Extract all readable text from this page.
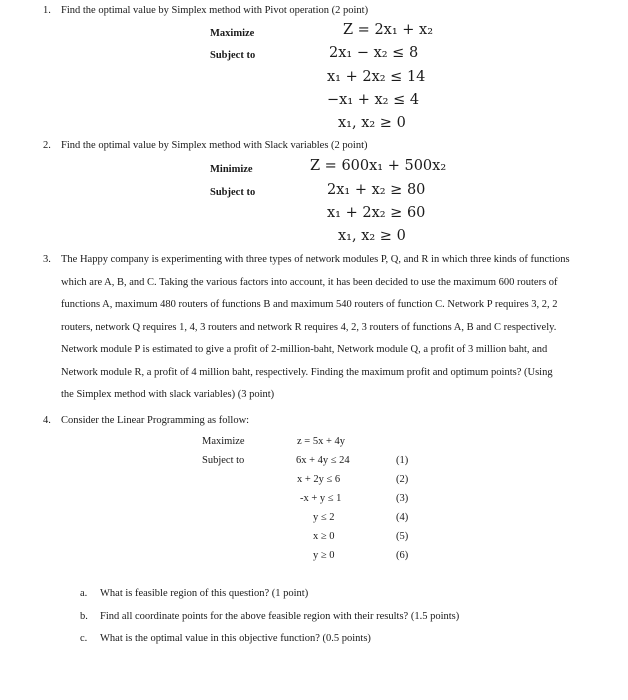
1. Find the optimal value by Simplex method with Pivot operation (2 point)
Maximize
Subject to
Z = 2x₁ + x₂
2x₁ − x₂ ≤ 8
x₁ + 2x₂ ≤ 14
−x₁ + x₂ ≤ 4
x₁, x₂ ≥ 0
2. Find the optimal value by Simplex method with Slack variables (2 point)
Minimize
Subject to
Z = 600x₁ + 500x₂
2x₁ + x₂ ≥ 80
x₁ + 2x₂ ≥ 60
x₁, x₂ ≥ 0
3. The Happy company is experimenting with three types of network modules P, Q, and R in which three kinds of functions
which are A, B, and C. Taking the various factors into account, it has been decided to use the maximum 600 routers of
functions A, maximum 480 routers of functions B and maximum 540 routers of function C. Network P requires 3, 2, 2
routers, network Q requires 1, 4, 3 routers and network R requires 4, 2, 3 routers of functions A, B and C respectively.
Network module P is estimated to give a profit of 2-million-baht, Network module Q, a profit of 3 million baht, and
Network module R, a profit of 4 million baht, respectively. Finding the maximum profit and optimum points? (Using
the Simplex method with slack variables) (3 point)
4. Consider the Linear Programming as follow:
Maximize
Subject to
z = 5x + 4y
6x + 4y ≤ 24
x + 2y ≤ 6
-x + y ≤ 1
y ≤ 2
x ≥ 0
y ≥ 0
(1)
(2)
(3)
(4)
(5)
(6)
a. What is feasible region of this question? (1 point)
b. Find all coordinate points for the above feasible region with their results? (1.5 points)
c. What is the optimal value in this objective function? (0.5 points)
